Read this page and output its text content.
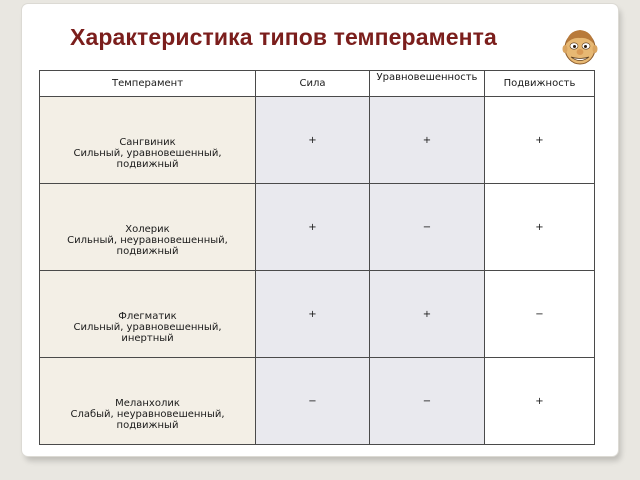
Характеристика типов темперамента
Темперамент	Сила	Уравновешенность	Подвижность

Сангвиник
Сильный, уравновешенный,
подвижный	+	+	+

Холерик
Сильный, неуравновешенный,
подвижный	+	−	+

Флегматик
Сильный, уравновешенный,
инертный	+	+	−

Меланхолик
Слабый, неуравновешенный,
подвижный	−	−	+
